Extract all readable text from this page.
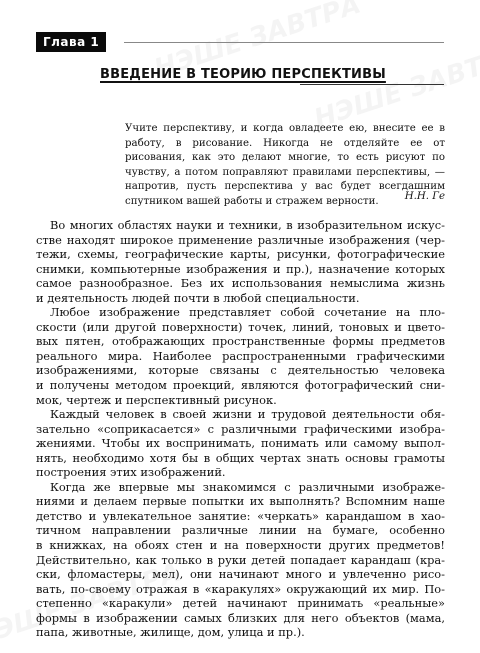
Глава 1
ВВЕДЕНИЕ В ТЕОРИЮ ПЕРСПЕКТИВЫ
Учите перспективу, и когда овладеете ею, внесите ее в работу, в рисование. Никогда не отделяйте ее от рисования, как это делают многие, то есть рисуют по чувству, а потом поправляют правилами перспективы, — напротив, пусть перспектива у вас будет всегдашним спутником вашей работы и стражем верности.	Н.Н. Ге
Во многих областях науки и техники, в изобразительном искус-
стве находят широкое применение различные изображения (чер-
тежи, схемы, географические карты, рисунки, фотографические
снимки, компьютерные изображения и пр.), назначение которых
самое разнообразное. Без их использования немыслима жизнь
и деятельность людей почти в любой специальности.
Любое изображение представляет собой сочетание на пло-
скости (или другой поверхности) точек, линий, тоновых и цвето-
вых пятен, отображающих пространственные формы предметов
реального мира. Наиболее распространенными графическими
изображениями, которые связаны с деятельностью человека
и получены методом проекций, являются фотографический сни-
мок, чертеж и перспективный рисунок.
Каждый человек в своей жизни и трудовой деятельности обя-
зательно «соприкасается» с различными графическими изобра-
жениями. Чтобы их воспринимать, понимать или самому выпол-
нять, необходимо хотя бы в общих чертах знать основы грамоты
построения этих изображений.
Когда же впервые мы знакомимся с различными изображе-
ниями и делаем первые попытки их выполнять? Вспомним наше
детство и увлекательное занятие: «черкать» карандашом в хао-
тичном направлении различные линии на бумаге, особенно
в книжках, на обоях стен и на поверхности других предметов!
Действительно, как только в руки детей попадает карандаш (кра-
ски, фломастеры, мел), они начинают много и увлеченно рисо-
вать, по-своему отражая в «каракулях» окружающий их мир. По-
степенно «каракули» детей начинают принимать «реальные»
формы в изображении самых близких для него объектов (мама,
папа, животные, жилище, дом, улица и пр.).
